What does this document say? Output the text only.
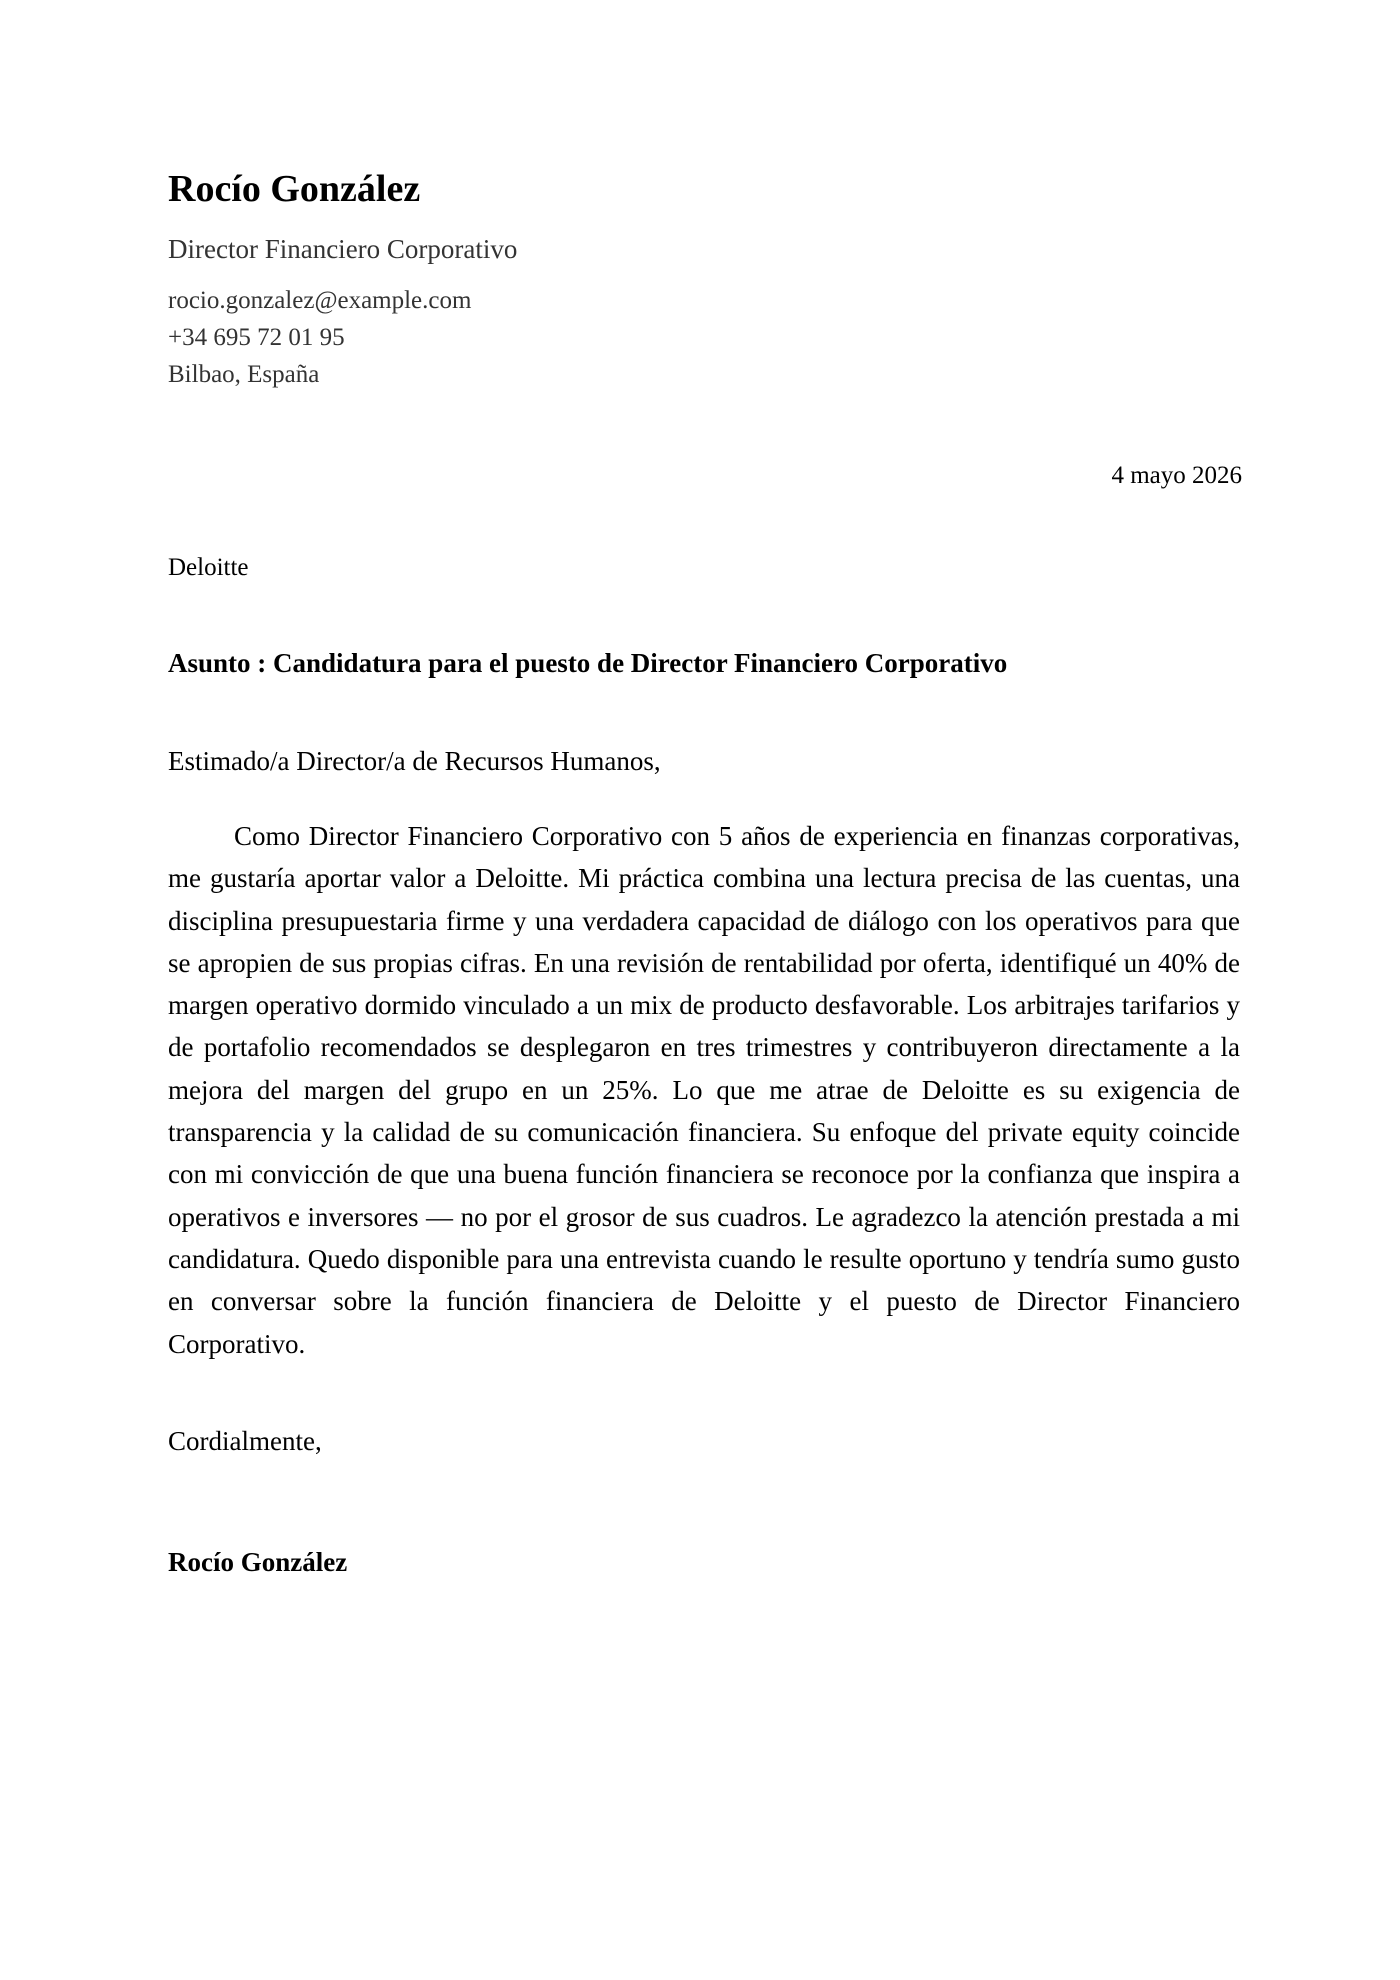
Rocío González
Director Financiero Corporativo
rocio.gonzalez@example.com
+34 695 72 01 95
Bilbao, España
4 mayo 2026
Deloitte
Asunto : Candidatura para el puesto de Director Financiero Corporativo
Estimado/a Director/a de Recursos Humanos,

Como Director Financiero Corporativo con 5 años de experiencia en finanzas corporativas, me gustaría aportar valor a Deloitte. Mi práctica combina una lectura precisa de las cuentas, una disciplina presupuestaria firme y una verdadera capacidad de diálogo con los operativos para que se apropien de sus propias cifras. En una revisión de rentabilidad por oferta, identifiqué un 40% de margen operativo dormido vinculado a un mix de producto desfavorable. Los arbitrajes tarifarios y de portafolio recomendados se desplegaron en tres trimestres y contribuyeron directamente a la mejora del margen del grupo en un 25%. Lo que me atrae de Deloitte es su exigencia de transparencia y la calidad de su comunicación financiera. Su enfoque del private equity coincide con mi convicción de que una buena función financiera se reconoce por la confianza que inspira a operativos e inversores — no por el grosor de sus cuadros. Le agradezco la atención prestada a mi candidatura. Quedo disponible para una entrevista cuando le resulte oportuno y tendría sumo gusto en conversar sobre la función financiera de Deloitte y el puesto de Director Financiero Corporativo.

Cordialmente,
Rocío González
